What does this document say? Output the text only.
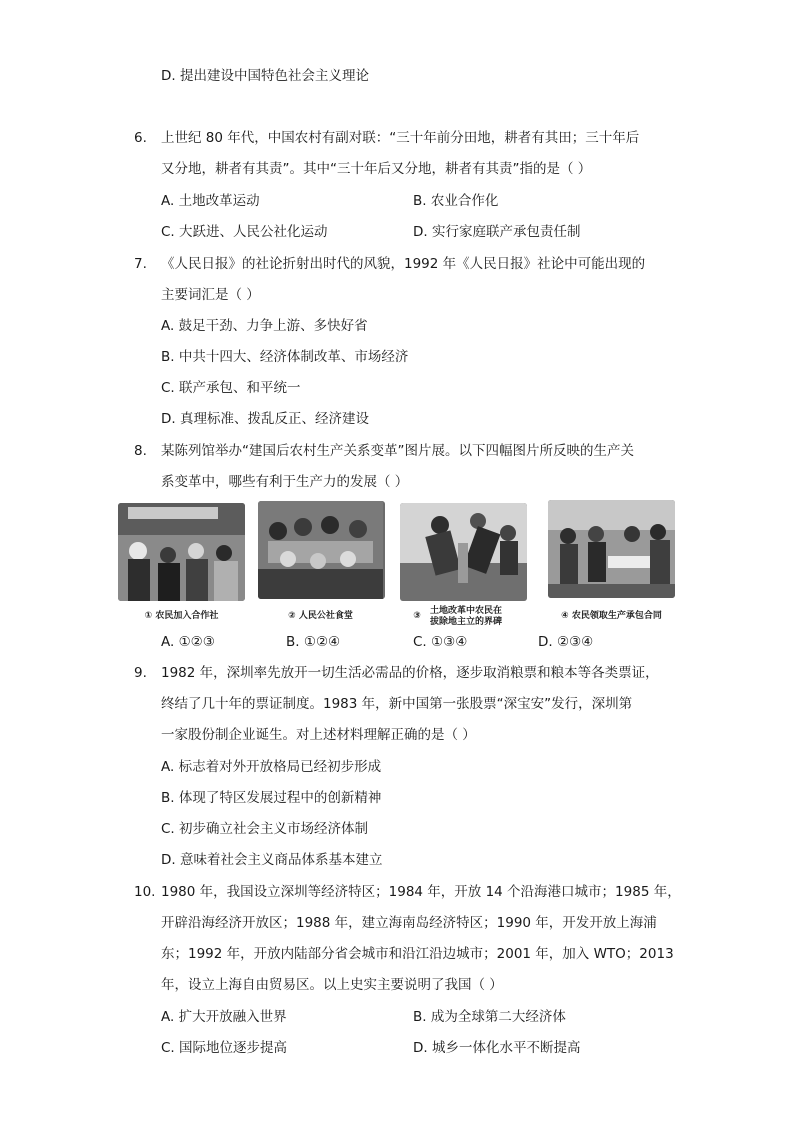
D. 提出建设中国特色社会主义理论
6. 上世纪 80 年代，中国农村有副对联：“三十年前分田地，耕者有其田；三十年后
又分地，耕者有其责”。其中“三十年后又分地，耕者有其责”指的是（ ）
A. 土地改革运动	B. 农业合作化
C. 大跃进、人民公社化运动	D. 实行家庭联产承包责任制
7. 《人民日报》的社论折射出时代的风貌，1992 年《人民日报》社论中可能出现的
主要词汇是（ ）
A. 鼓足干劲、力争上游、多快好省
B. 中共十四大、经济体制改革、市场经济
C. 联产承包、和平统一
D. 真理标准、拨乱反正、经济建设
8. 某陈列馆举办“建国后农村生产关系变革”图片展。以下四幅图片所反映的生产关
系变革中，哪些有利于生产力的发展（ ）
① 农民加入合作社	② 人民公社食堂	③	土地改革中农民在拔除地主立的界碑
④ 农民领取生产承包合同
A. ①②③	B. ①②④	C. ①③④	D. ②③④
9. 1982 年，深圳率先放开一切生活必需品的价格，逐步取消粮票和粮本等各类票证，
终结了几十年的票证制度。1983 年，新中国第一张股票“深宝安”发行，深圳第
一家股份制企业诞生。对上述材料理解正确的是（ ）
A. 标志着对外开放格局已经初步形成
B. 体现了特区发展过程中的创新精神
C. 初步确立社会主义市场经济体制
D. 意味着社会主义商品体系基本建立
10. 1980 年，我国设立深圳等经济特区；1984 年，开放 14 个沿海港口城市；1985 年，
开辟沿海经济开放区；1988 年，建立海南岛经济特区；1990 年，开发开放上海浦
东；1992 年，开放内陆部分省会城市和沿江沿边城市；2001 年，加入 WTO；2013
年，设立上海自由贸易区。以上史实主要说明了我国（ ）
A. 扩大开放融入世界	B. 成为全球第二大经济体
C. 国际地位逐步提高	D. 城乡一体化水平不断提高
